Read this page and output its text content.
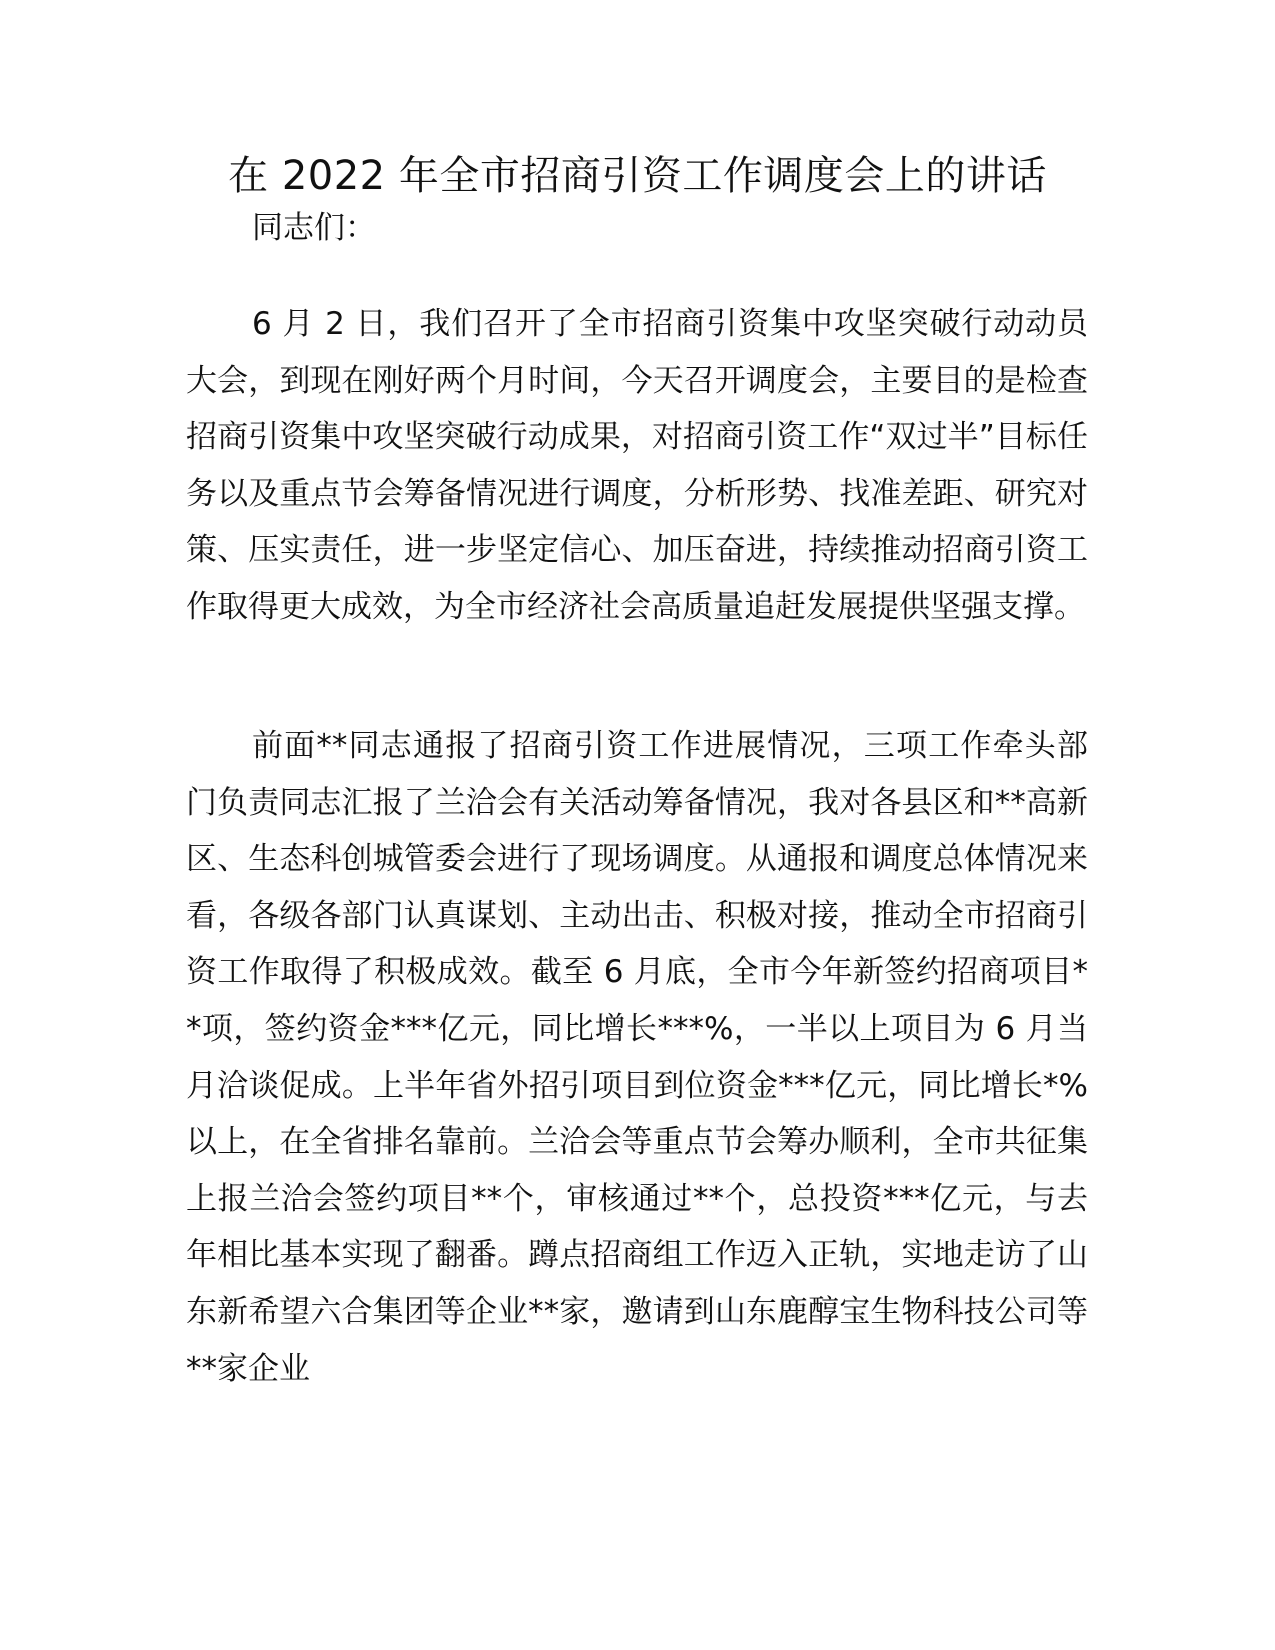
在 2022 年全市招商引资工作调度会上的讲话

同志们：

6 月 2 日，我们召开了全市招商引资集中攻坚突破行动动员大会，到现在刚好两个月时间，今天召开调度会，主要目的是检查招商引资集中攻坚突破行动成果，对招商引资工作“双过半”目标任务以及重点节会筹备情况进行调度，分析形势、找准差距、研究对策、压实责任，进一步坚定信心、加压奋进，持续推动招商引资工作取得更大成效，为全市经济社会高质量追赶发展提供坚强支撑。

前面**同志通报了招商引资工作进展情况，三项工作牵头部门负责同志汇报了兰洽会有关活动筹备情况，我对各县区和**高新区、生态科创城管委会进行了现场调度。从通报和调度总体情况来看，各级各部门认真谋划、主动出击、积极对接，推动全市招商引资工作取得了积极成效。截至 6 月底，全市今年新签约招商项目**项，签约资金***亿元，同比增长***%，一半以上项目为 6 月当月洽谈促成。上半年省外招引项目到位资金***亿元，同比增长*%以上，在全省排名靠前。兰洽会等重点节会筹办顺利，全市共征集上报兰洽会签约项目**个，审核通过**个，总投资***亿元，与去年相比基本实现了翻番。蹲点招商组工作迈入正轨，实地走访了山东新希望六合集团等企业**家，邀请到山东鹿醇宝生物科技公司等**家企业
